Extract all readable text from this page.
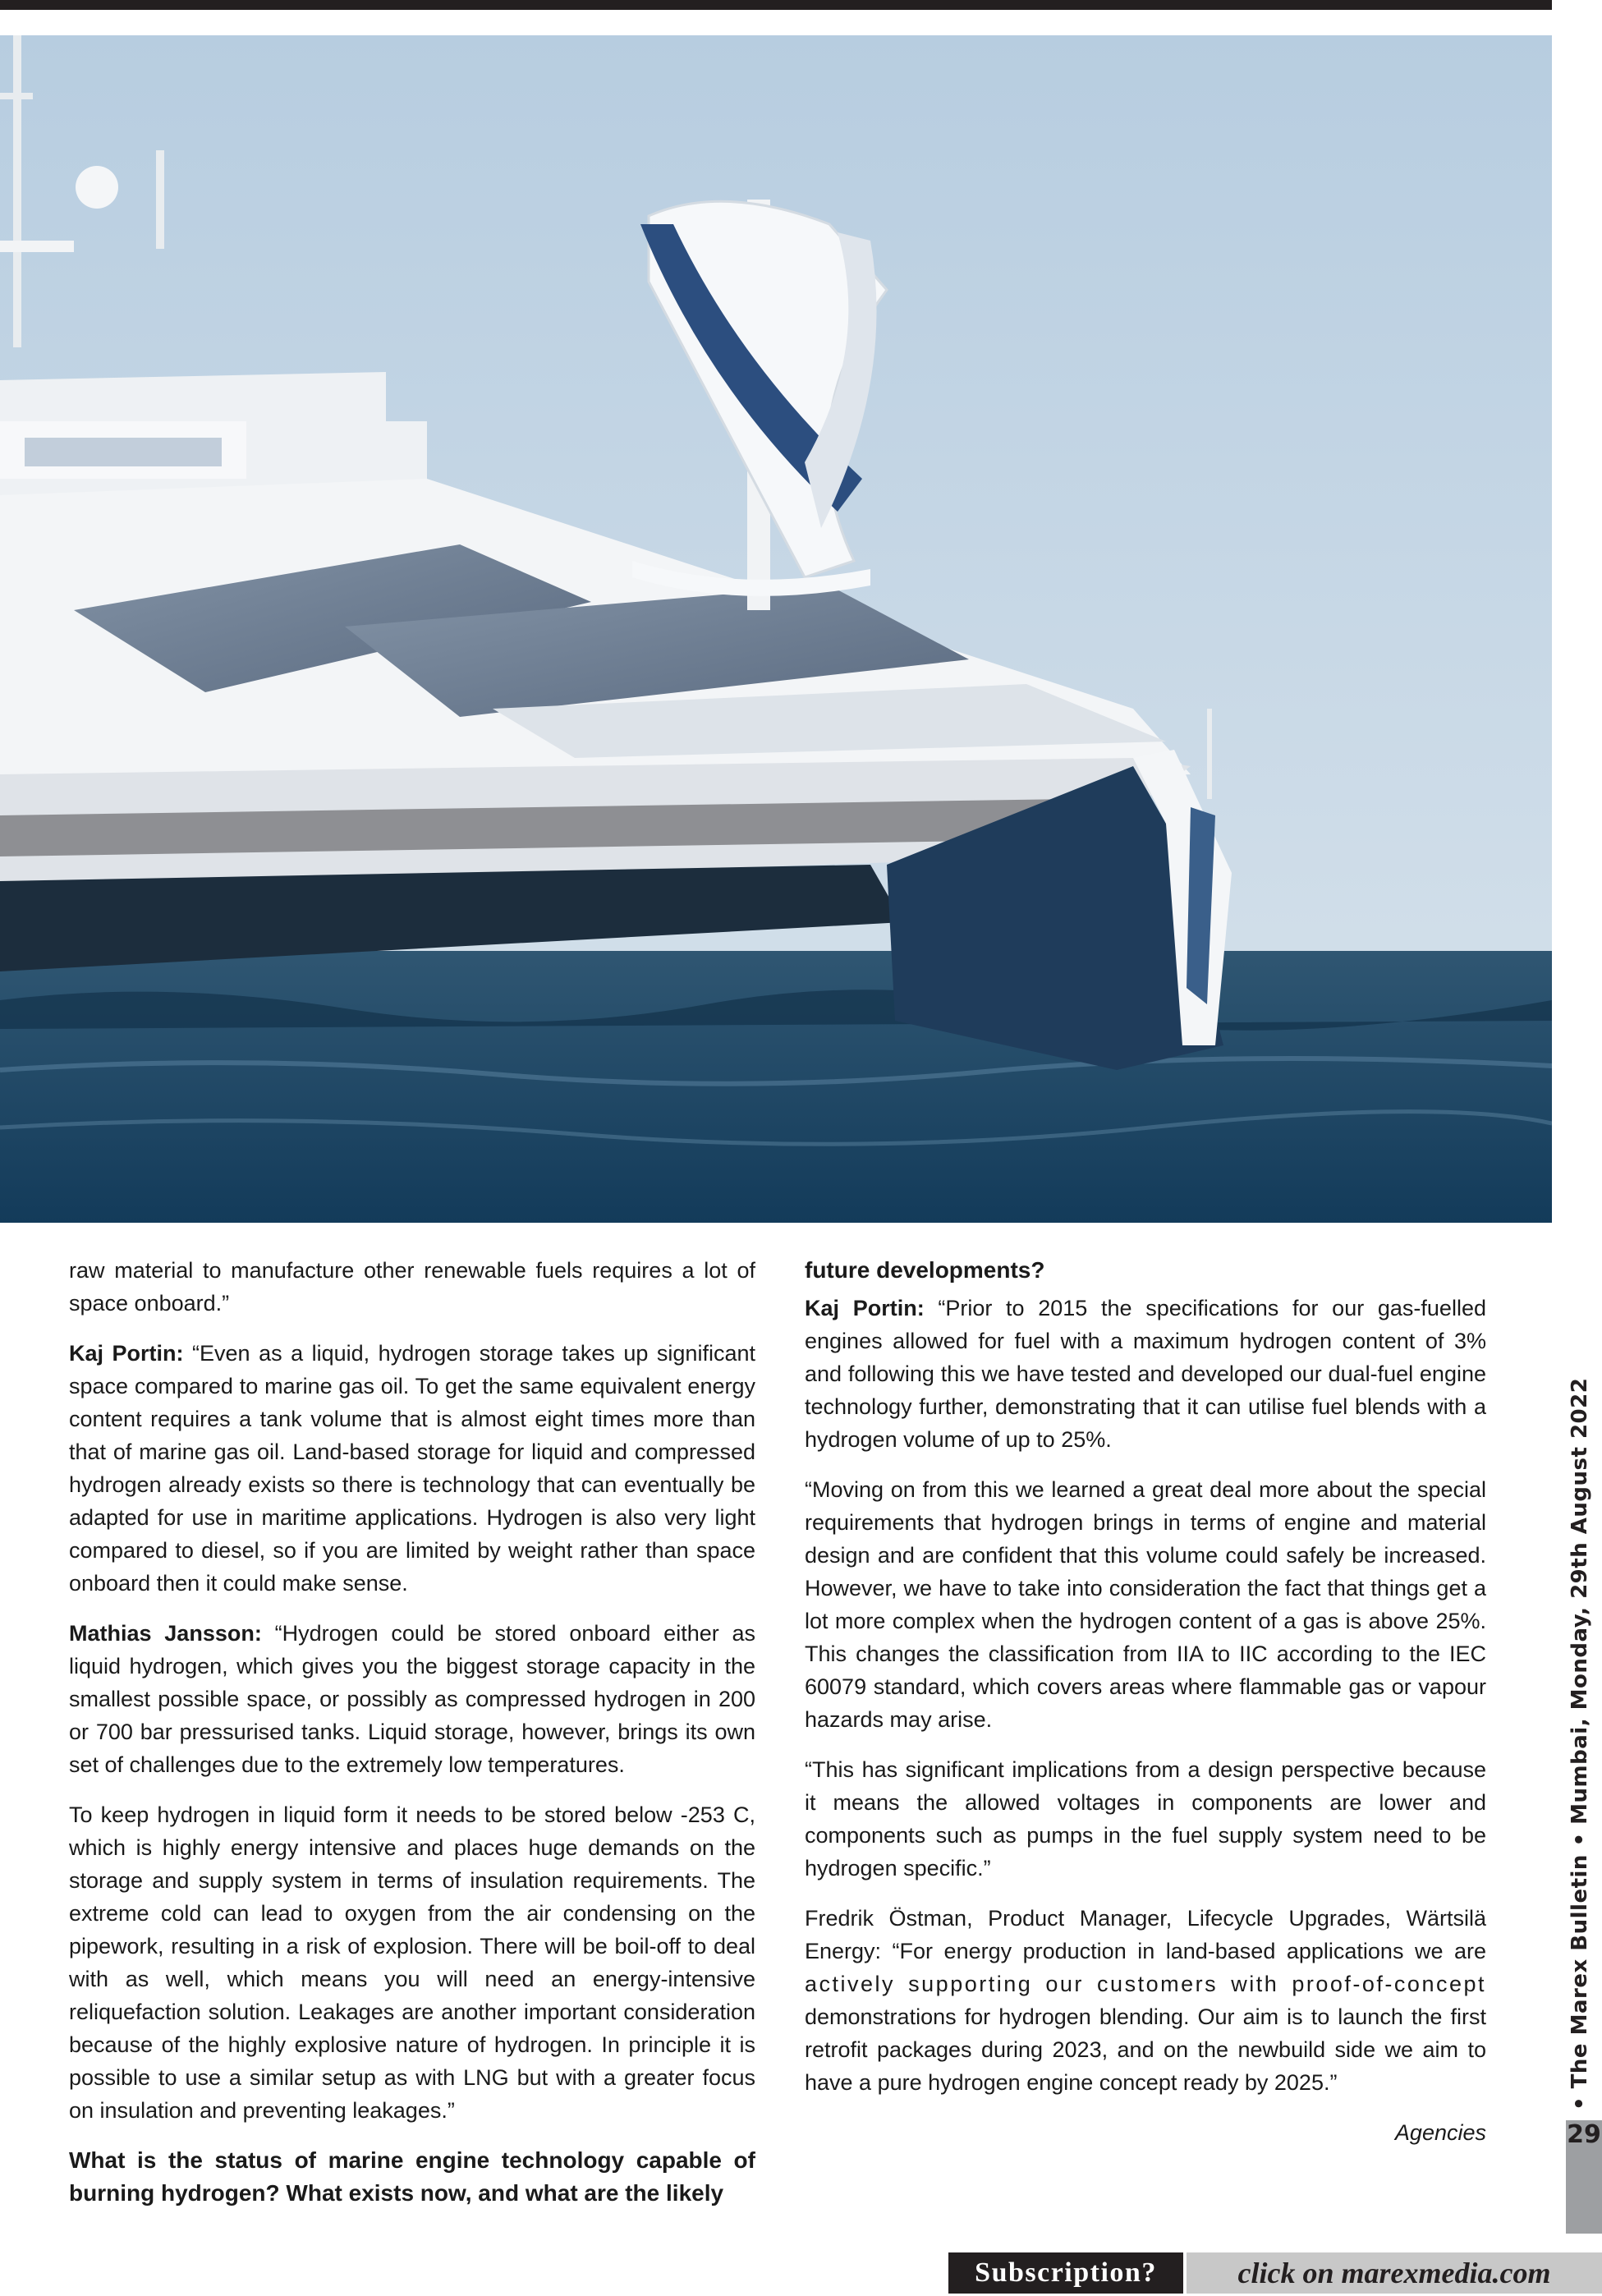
raw material to manufacture other renewable fuels requires a lot of space onboard.”

Kaj Portin: “Even as a liquid, hydrogen storage takes up significant space compared to marine gas oil. To get the same equivalent energy content requires a tank volume that is almost eight times more than that of marine gas oil. Land-based storage for liquid and compressed hydrogen already exists so there is technology that can eventually be adapted for use in maritime applications. Hydrogen is also very light compared to diesel, so if you are limited by weight rather than space onboard then it could make sense.

Mathias Jansson: “Hydrogen could be stored onboard either as liquid hydrogen, which gives you the biggest storage capacity in the smallest possible space, or possibly as compressed hydrogen in 200 or 700 bar pressurised tanks. Liquid storage, however, brings its own set of challenges due to the extremely low temperatures.

To keep hydrogen in liquid form it needs to be stored below -253 C, which is highly energy intensive and places huge demands on the storage and supply system in terms of insulation requirements. The extreme cold can lead to oxygen from the air condensing on the pipework, resulting in a risk of explosion. There will be boil-off to deal with as well, which means you will need an energy-intensive reliquefaction solution. Leakages are another important consideration because of the highly explosive nature of hydrogen. In principle it is possible to use a similar setup as with LNG but with a greater focus on insulation and preventing leakages.”

What is the status of marine engine technology capable of burning hydrogen? What exists now, and what are the likely

future developments?

Kaj Portin: “Prior to 2015 the specifications for our gas-fuelled engines allowed for fuel with a maximum hydrogen content of 3% and following this we have tested and developed our dual-fuel engine technology further, demonstrating that it can utilise fuel blends with a hydrogen volume of up to 25%.

“Moving on from this we learned a great deal more about the special requirements that hydrogen brings in terms of engine and material design and are confident that this volume could safely be increased. However, we have to take into consideration the fact that things get a lot more complex when the hydrogen content of a gas is above 25%. This changes the classification from IIA to IIC according to the IEC 60079 standard, which covers areas where flammable gas or vapour hazards may arise.

“This has significant implications from a design perspective because it means the allowed voltages in components are lower and components such as pumps in the fuel supply system need to be hydrogen specific.”

Fredrik Östman, Product Manager, Lifecycle Upgrades, Wärtsilä Energy: “For energy production in land-based applications we are actively supporting our customers with proof-of-concept demonstrations for hydrogen blending. Our aim is to launch the first retrofit packages during 2023, and on the newbuild side we aim to have a pure hydrogen engine concept ready by 2025.”

Agencies

• The Marex Bulletin • Mumbai, Monday, 29th August 2022
29
Subscription?	click on marexmedia.com
